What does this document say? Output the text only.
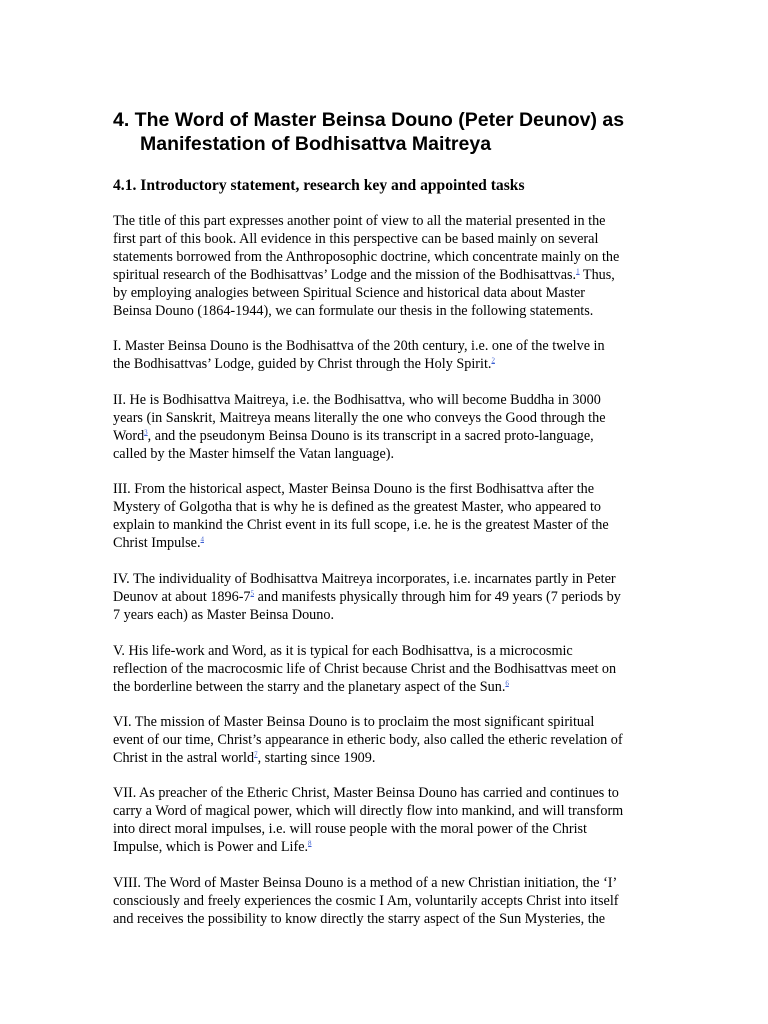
4. The Word of Master Beinsa Douno (Peter Deunov) as
Manifestation of Bodhisattva Maitreya
4.1. Introductory statement, research key and appointed tasks

The title of this part expresses another point of view to all the material presented in the
first part of this book. All evidence in this perspective can be based mainly on several
statements borrowed from the Anthroposophic doctrine, which concentrate mainly on the
spiritual research of the Bodhisattvas’ Lodge and the mission of the Bodhisattvas.$^1$ Thus,
by employing analogies between Spiritual Science and historical data about Master
Beinsa Douno (1864-1944), we can formulate our thesis in the following statements.

I. Master Beinsa Douno is the Bodhisattva of the 20th century, i.e. one of the twelve in
the Bodhisattvas’ Lodge, guided by Christ through the Holy Spirit.$^2$

II. He is Bodhisattva Maitreya, i.e. the Bodhisattva, who will become Buddha in 3000
years (in Sanskrit, Maitreya means literally the one who conveys the Good through the
Word$^3$, and the pseudonym Beinsa Douno is its transcript in a sacred proto-language,
called by the Master himself the Vatan language).

III. From the historical aspect, Master Beinsa Douno is the first Bodhisattva after the
Mystery of Golgotha that is why he is defined as the greatest Master, who appeared to
explain to mankind the Christ event in its full scope, i.e. he is the greatest Master of the
Christ Impulse.$^4$

IV. The individuality of Bodhisattva Maitreya incorporates, i.e. incarnates partly in Peter
Deunov at about 1896-7$^5$ and manifests physically through him for 49 years (7 periods by
7 years each) as Master Beinsa Douno.

V. His life-work and Word, as it is typical for each Bodhisattva, is a microcosmic
reflection of the macrocosmic life of Christ because Christ and the Bodhisattvas meet on
the borderline between the starry and the planetary aspect of the Sun.$^6$

VI. The mission of Master Beinsa Douno is to proclaim the most significant spiritual
event of our time, Christ’s appearance in etheric body, also called the etheric revelation of
Christ in the astral world$^7$, starting since 1909.

VII. As preacher of the Etheric Christ, Master Beinsa Douno has carried and continues to
carry a Word of magical power, which will directly flow into mankind, and will transform
into direct moral impulses, i.e. will rouse people with the moral power of the Christ
Impulse, which is Power and Life.$^8$

VIII. The Word of Master Beinsa Douno is a method of a new Christian initiation, the ‘I’
consciously and freely experiences the cosmic I Am, voluntarily accepts Christ into itself
and receives the possibility to know directly the starry aspect of the Sun Mysteries, the
